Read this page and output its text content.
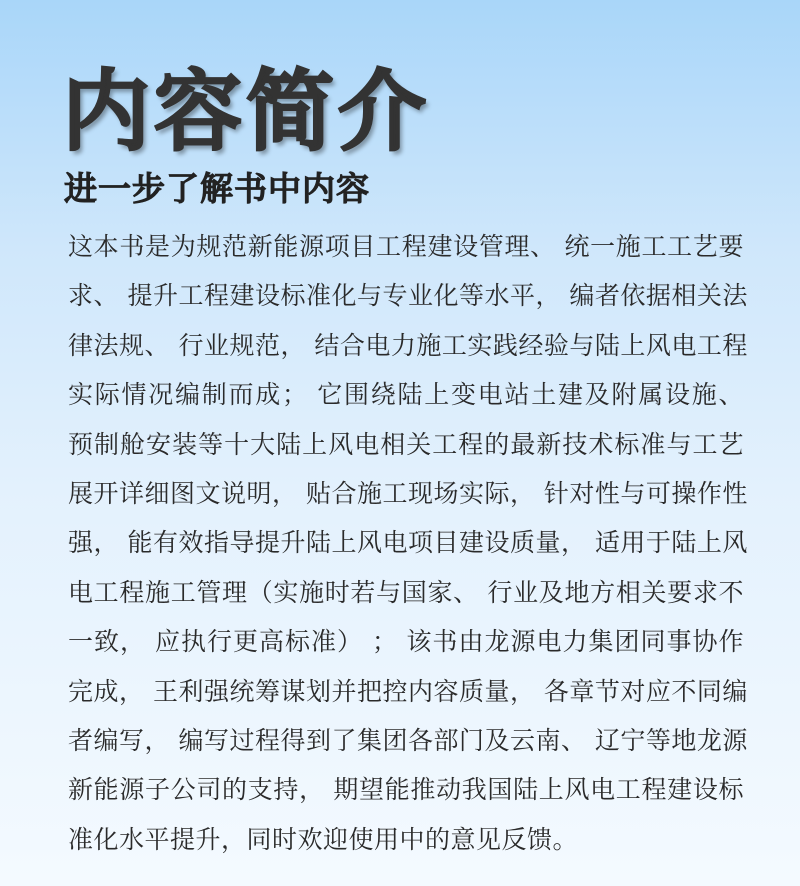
内容简介
进一步了解书中内容
这本书是为规范新能源项目工程建设管理、 统一施工工艺要
求、 提升工程建设标准化与专业化等水平， 编者依据相关法
律法规、 行业规范， 结合电力施工实践经验与陆上风电工程
实际情况编制而成； 它围绕陆上变电站土建及附属设施、
预制舱安装等十大陆上风电相关工程的最新技术标准与工艺
展开详细图文说明， 贴合施工现场实际， 针对性与可操作性
强， 能有效指导提升陆上风电项目建设质量， 适用于陆上风
电工程施工管理（实施时若与国家、 行业及地方相关要求不
一致， 应执行更高标准） ； 该书由龙源电力集团同事协作
完成， 王利强统筹谋划并把控内容质量， 各章节对应不同编
者编写， 编写过程得到了集团各部门及云南、 辽宁等地龙源
新能源子公司的支持， 期望能推动我国陆上风电工程建设标
准化水平提升，同时欢迎使用中的意见反馈。
